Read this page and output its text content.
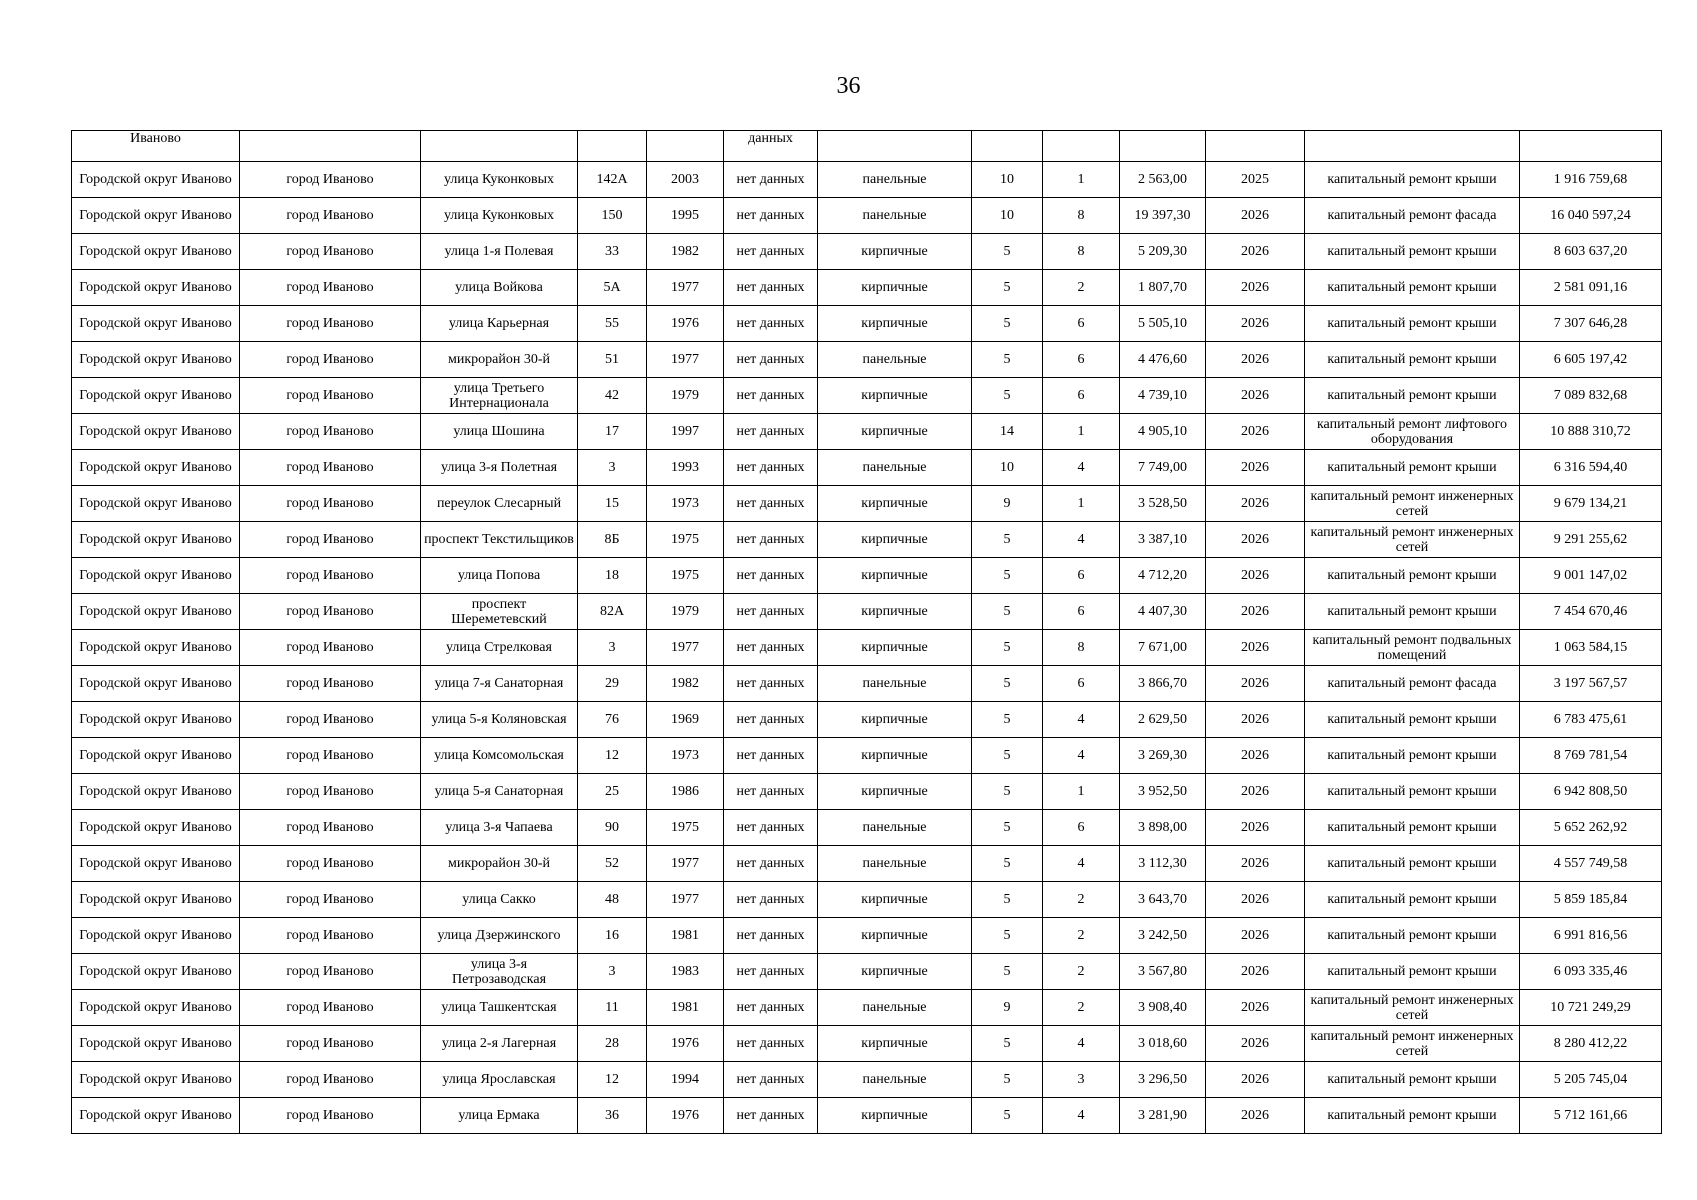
36
Иваново					данных							
Городской округ Иваново	город Иваново	улица Куконковых	142А	2003	нет данных	панельные	10	1	2 563,00	2025	капитальный ремонт крыши	1 916 759,68
Городской округ Иваново	город Иваново	улица Куконковых	150	1995	нет данных	панельные	10	8	19 397,30	2026	капитальный ремонт фасада	16 040 597,24
Городской округ Иваново	город Иваново	улица 1-я Полевая	33	1982	нет данных	кирпичные	5	8	5 209,30	2026	капитальный ремонт крыши	8 603 637,20
Городской округ Иваново	город Иваново	улица Войкова	5А	1977	нет данных	кирпичные	5	2	1 807,70	2026	капитальный ремонт крыши	2 581 091,16
Городской округ Иваново	город Иваново	улица Карьерная	55	1976	нет данных	кирпичные	5	6	5 505,10	2026	капитальный ремонт крыши	7 307 646,28
Городской округ Иваново	город Иваново	микрорайон 30-й	51	1977	нет данных	панельные	5	6	4 476,60	2026	капитальный ремонт крыши	6 605 197,42
Городской округ Иваново	город Иваново	улица Третьего Интернационала	42	1979	нет данных	кирпичные	5	6	4 739,10	2026	капитальный ремонт крыши	7 089 832,68
Городской округ Иваново	город Иваново	улица Шошина	17	1997	нет данных	кирпичные	14	1	4 905,10	2026	капитальный ремонт лифтового оборудования	10 888 310,72
Городской округ Иваново	город Иваново	улица 3-я Полетная	3	1993	нет данных	панельные	10	4	7 749,00	2026	капитальный ремонт крыши	6 316 594,40
Городской округ Иваново	город Иваново	переулок Слесарный	15	1973	нет данных	кирпичные	9	1	3 528,50	2026	капитальный ремонт инженерных сетей	9 679 134,21
Городской округ Иваново	город Иваново	проспект Текстильщиков	8Б	1975	нет данных	кирпичные	5	4	3 387,10	2026	капитальный ремонт инженерных сетей	9 291 255,62
Городской округ Иваново	город Иваново	улица Попова	18	1975	нет данных	кирпичные	5	6	4 712,20	2026	капитальный ремонт крыши	9 001 147,02
Городской округ Иваново	город Иваново	проспект Шереметевский	82А	1979	нет данных	кирпичные	5	6	4 407,30	2026	капитальный ремонт крыши	7 454 670,46
Городской округ Иваново	город Иваново	улица Стрелковая	3	1977	нет данных	кирпичные	5	8	7 671,00	2026	капитальный ремонт подвальных помещений	1 063 584,15
Городской округ Иваново	город Иваново	улица 7-я Санаторная	29	1982	нет данных	панельные	5	6	3 866,70	2026	капитальный ремонт фасада	3 197 567,57
Городской округ Иваново	город Иваново	улица 5-я Коляновская	76	1969	нет данных	кирпичные	5	4	2 629,50	2026	капитальный ремонт крыши	6 783 475,61
Городской округ Иваново	город Иваново	улица Комсомольская	12	1973	нет данных	кирпичные	5	4	3 269,30	2026	капитальный ремонт крыши	8 769 781,54
Городской округ Иваново	город Иваново	улица 5-я Санаторная	25	1986	нет данных	кирпичные	5	1	3 952,50	2026	капитальный ремонт крыши	6 942 808,50
Городской округ Иваново	город Иваново	улица 3-я Чапаева	90	1975	нет данных	панельные	5	6	3 898,00	2026	капитальный ремонт крыши	5 652 262,92
Городской округ Иваново	город Иваново	микрорайон 30-й	52	1977	нет данных	панельные	5	4	3 112,30	2026	капитальный ремонт крыши	4 557 749,58
Городской округ Иваново	город Иваново	улица Сакко	48	1977	нет данных	кирпичные	5	2	3 643,70	2026	капитальный ремонт крыши	5 859 185,84
Городской округ Иваново	город Иваново	улица Дзержинского	16	1981	нет данных	кирпичные	5	2	3 242,50	2026	капитальный ремонт крыши	6 991 816,56
Городской округ Иваново	город Иваново	улица 3-я Петрозаводская	3	1983	нет данных	кирпичные	5	2	3 567,80	2026	капитальный ремонт крыши	6 093 335,46
Городской округ Иваново	город Иваново	улица Ташкентская	11	1981	нет данных	панельные	9	2	3 908,40	2026	капитальный ремонт инженерных сетей	10 721 249,29
Городской округ Иваново	город Иваново	улица 2-я Лагерная	28	1976	нет данных	кирпичные	5	4	3 018,60	2026	капитальный ремонт инженерных сетей	8 280 412,22
Городской округ Иваново	город Иваново	улица Ярославская	12	1994	нет данных	панельные	5	3	3 296,50	2026	капитальный ремонт крыши	5 205 745,04
Городской округ Иваново	город Иваново	улица Ермака	36	1976	нет данных	кирпичные	5	4	3 281,90	2026	капитальный ремонт крыши	5 712 161,66
